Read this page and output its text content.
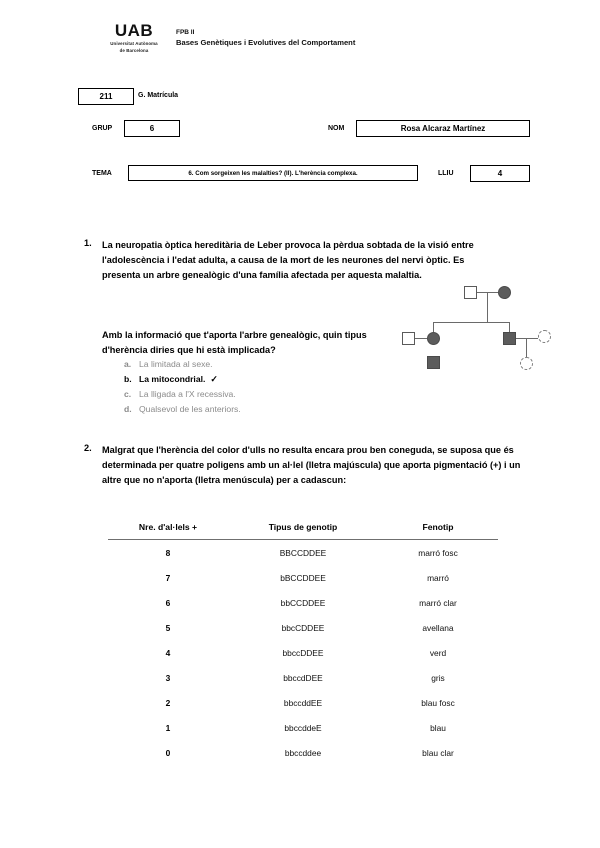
UAB
Universitat Autònoma
de Barcelona
FPB II
Bases Genètiques i Evolutives del Comportament
211	G. Matrícula
GRUP	6	NOM	Rosa Alcaraz Martínez
TEMA	6. Com sorgeixen les malalties? (II). L'herència complexa.	LLIU	4
1. La neuropatia òptica hereditària de Leber provoca la pèrdua sobtada de la visió entre l'adolescència i l'edat adulta, a causa de la mort de les neurones del nervi òptic. Es presenta un arbre genealògic d'una família afectada per aquesta malaltia.
Amb la informació que t'aporta l'arbre genealògic, quin tipus d'herència diries que hi està implicada?
a. La limitada al sexe.
b. La mitocondrial. ✓
c. La lligada a l'X recessiva.
d. Qualsevol de les anteriors.
2. Malgrat que l'herència del color d'ulls no resulta encara prou ben coneguda, se suposa que és determinada per quatre poligens amb un al·lel (lletra majúscula) que aporta pigmentació (+) i un altre que no n'aporta (lletra menúscula) per a cadascun:
Nre. d'al·lels +	Tipus de genotip	Fenotip
8	BBCCDDEE	marró fosc
7	bBCCDDEE	marró
6	bbCCDDEE	marró clar
5	bbcCDDEE	avellana
4	bbccDDEE	verd
3	bbccdDEE	gris
2	bbccddEE	blau fosc
1	bbccddeE	blau
0	bbccddee	blau clar
